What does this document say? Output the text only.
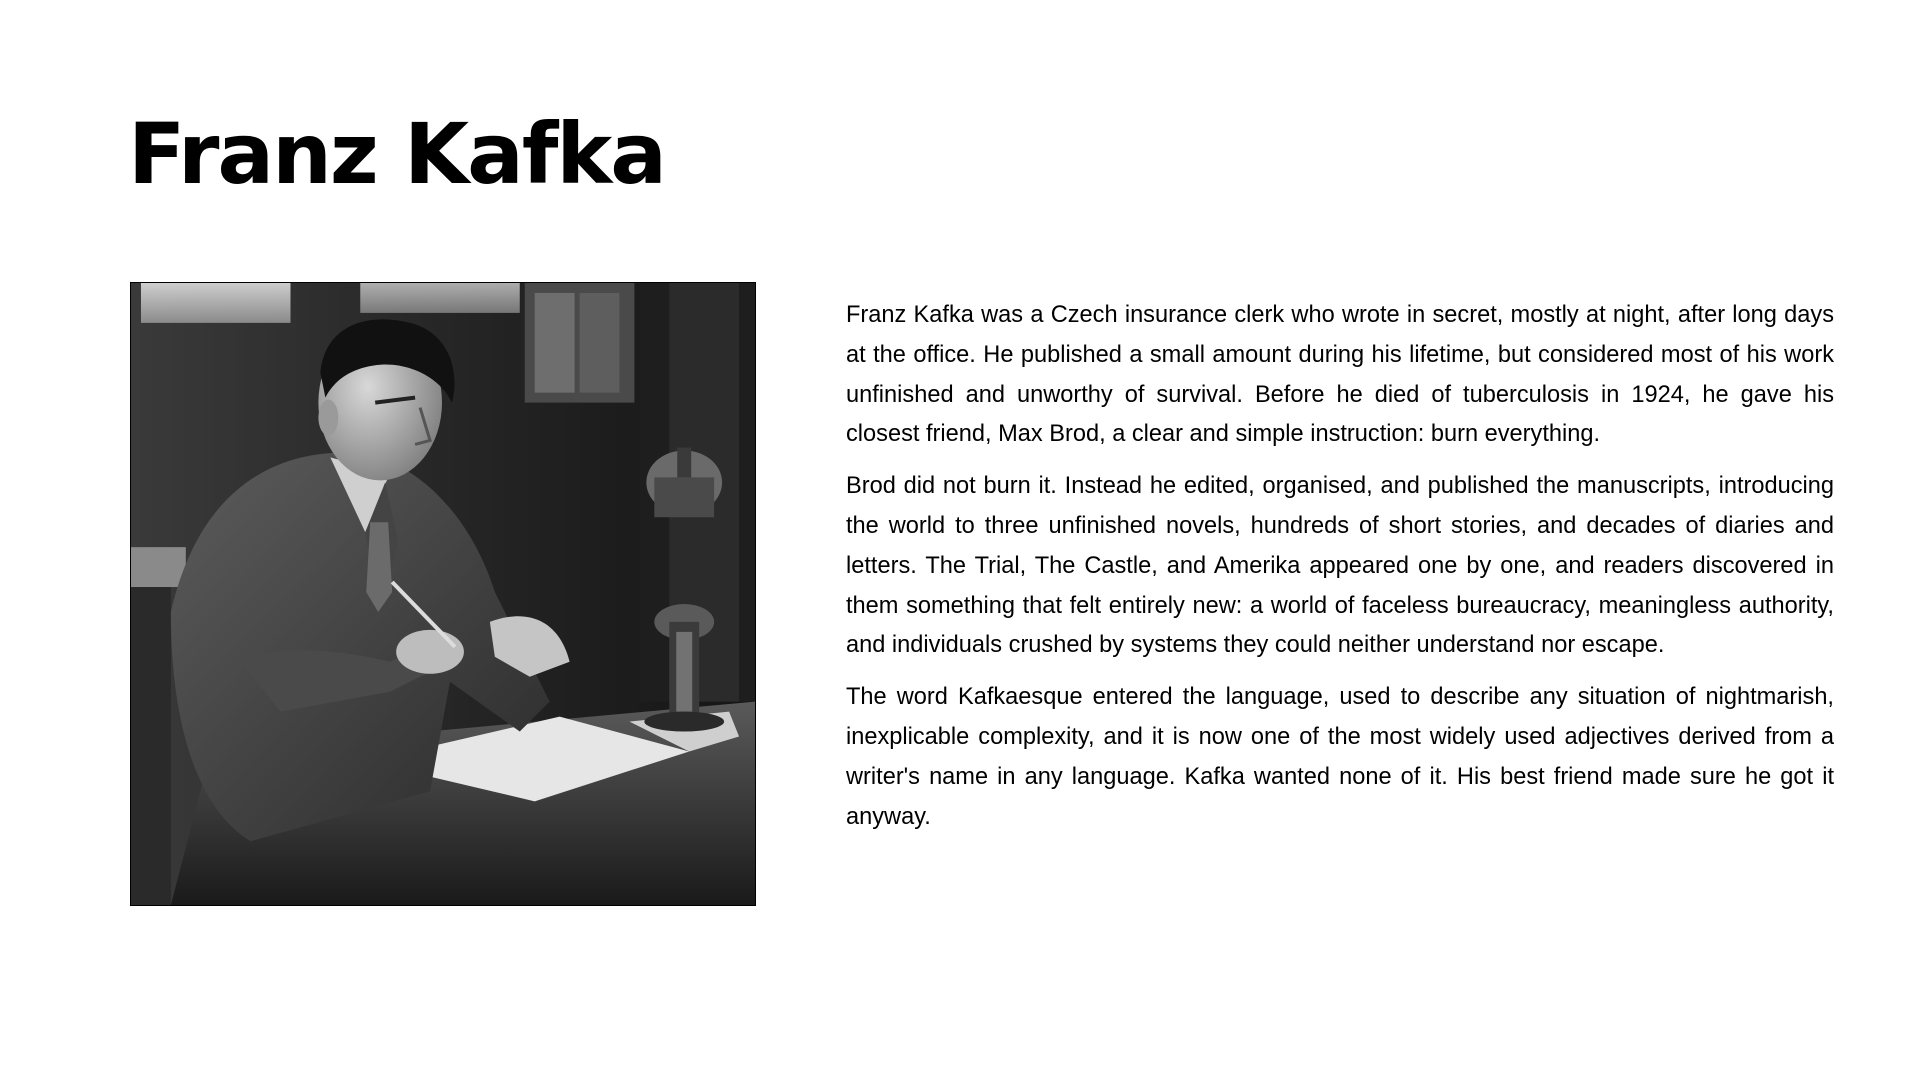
Franz Kafka

Franz Kafka was a Czech insurance clerk who wrote in secret, mostly at night, after long days at the office. He published a small amount during his lifetime, but considered most of his work unfinished and unworthy of survival. Before he died of tuberculosis in 1924, he gave his closest friend, Max Brod, a clear and simple instruction: burn everything.

Brod did not burn it. Instead he edited, organised, and published the manuscripts, introducing the world to three unfinished novels, hundreds of short stories, and decades of diaries and letters. The Trial, The Castle, and Amerika appeared one by one, and readers discovered in them something that felt entirely new: a world of faceless bureaucracy, meaningless authority, and individuals crushed by systems they could neither understand nor escape.

The word Kafkaesque entered the language, used to describe any situation of nightmarish, inexplicable complexity, and it is now one of the most widely used adjectives derived from a writer's name in any language. Kafka wanted none of it. His best friend made sure he got it anyway.
